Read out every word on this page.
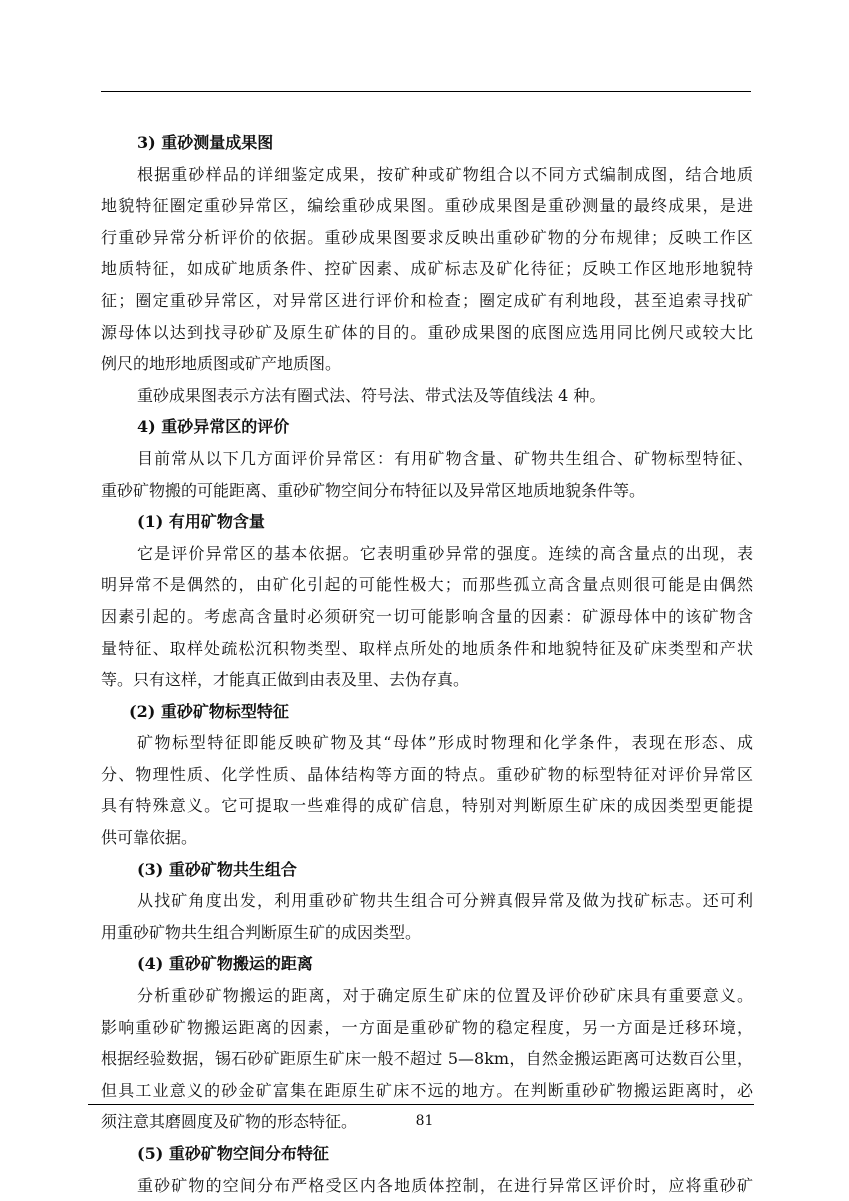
3) 重砂测量成果图
根据重砂样品的详细鉴定成果，按矿种或矿物组合以不同方式编制成图，结合地质
地貌特征圈定重砂异常区，编绘重砂成果图。重砂成果图是重砂测量的最终成果，是进
行重砂异常分析评价的依据。重砂成果图要求反映出重砂矿物的分布规律；反映工作区
地质特征，如成矿地质条件、控矿因素、成矿标志及矿化待征；反映工作区地形地貌特
征；圈定重砂异常区，对异常区进行评价和检查；圈定成矿有利地段，甚至追索寻找矿
源母体以达到找寻砂矿及原生矿体的目的。重砂成果图的底图应选用同比例尺或较大比
例尺的地形地质图或矿产地质图。
重砂成果图表示方法有圈式法、符号法、带式法及等值线法 4 种。
4) 重砂异常区的评价
目前常从以下几方面评价异常区：有用矿物含量、矿物共生组合、矿物标型特征、
重砂矿物搬的可能距离、重砂矿物空间分布特征以及异常区地质地貌条件等。
(1) 有用矿物含量
它是评价异常区的基本依据。它表明重砂异常的强度。连续的高含量点的出现，表
明异常不是偶然的，由矿化引起的可能性极大；而那些孤立高含量点则很可能是由偶然
因素引起的。考虑高含量时必须研究一切可能影响含量的因素：矿源母体中的该矿物含
量特征、取样处疏松沉积物类型、取样点所处的地质条件和地貌特征及矿床类型和产状
等。只有这样，才能真正做到由表及里、去伪存真。
(2) 重砂矿物标型特征
矿物标型特征即能反映矿物及其“母体”形成时物理和化学条件，表现在形态、成
分、物理性质、化学性质、晶体结构等方面的特点。重砂矿物的标型特征对评价异常区
具有特殊意义。它可提取一些难得的成矿信息，特别对判断原生矿床的成因类型更能提
供可靠依据。
(3) 重砂矿物共生组合
从找矿角度出发，利用重砂矿物共生组合可分辨真假异常及做为找矿标志。还可利
用重砂矿物共生组合判断原生矿的成因类型。
(4) 重砂矿物搬运的距离
分析重砂矿物搬运的距离，对于确定原生矿床的位置及评价砂矿床具有重要意义。
影响重砂矿物搬运距离的因素，一方面是重砂矿物的稳定程度，另一方面是迁移环境，
根据经验数据，锡石砂矿距原生矿床一般不超过 5—8km，自然金搬运距离可达数百公里，
但具工业意义的砂金矿富集在距原生矿床不远的地方。在判断重砂矿物搬运距离时，必
须注意其磨圆度及矿物的形态特征。
(5) 重砂矿物空间分布特征
重砂矿物的空间分布严格受区内各地质体控制，在进行异常区评价时，应将重砂矿
81
